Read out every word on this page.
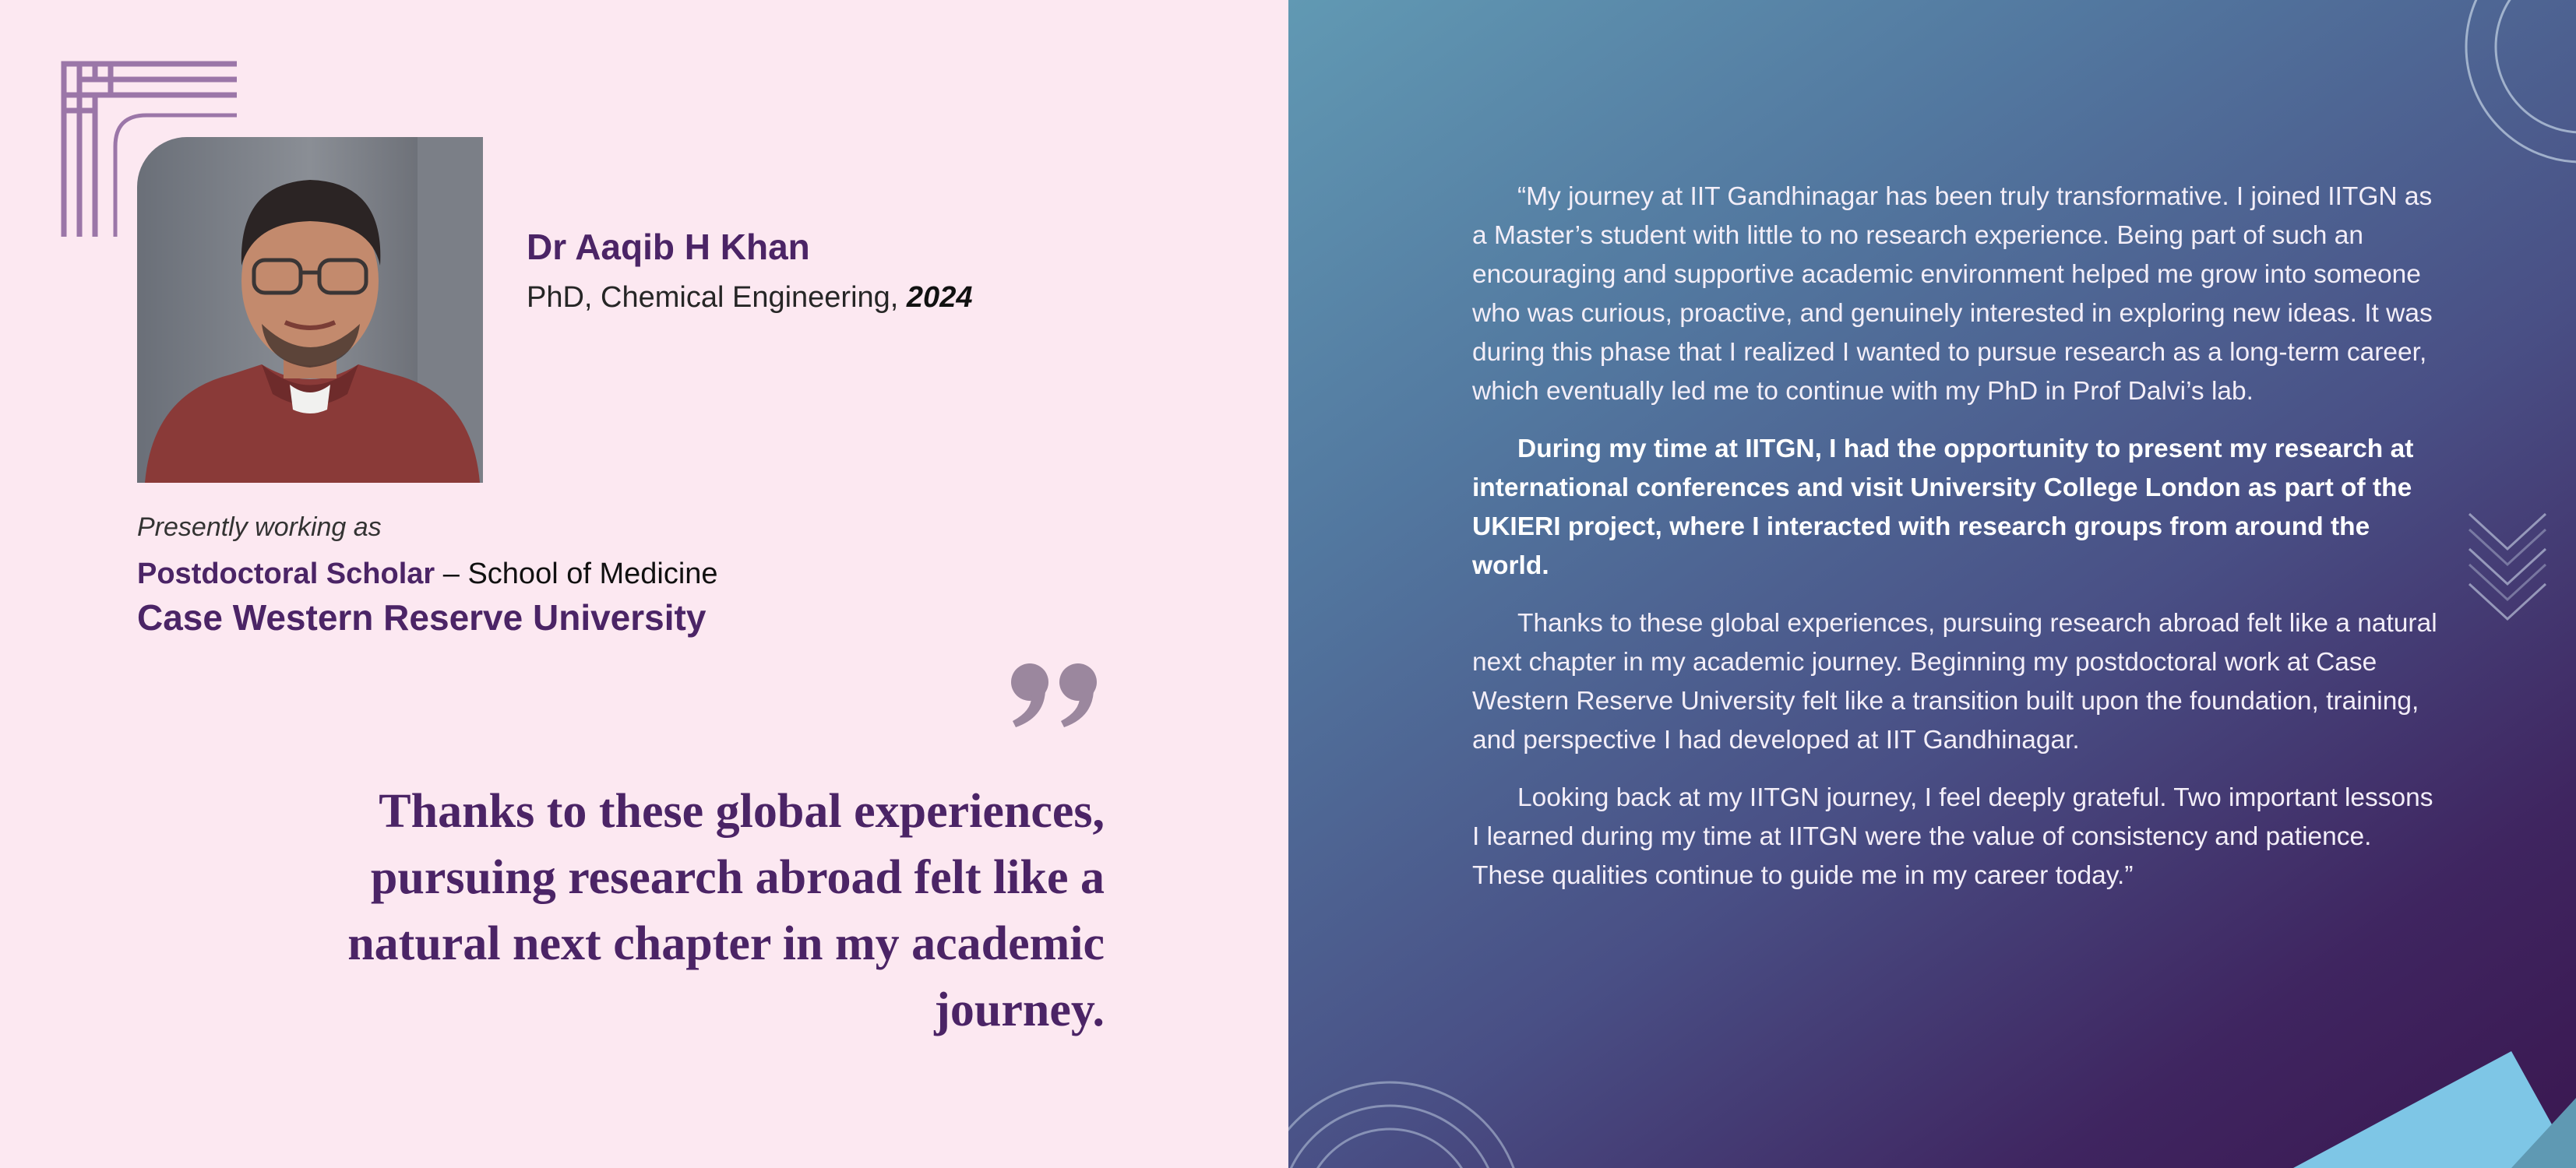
Dr Aaqib H Khan
PhD, Chemical Engineering, 2024
Presently working as
Postdoctoral Scholar – School of Medicine
Case Western Reserve University
Thanks to these global experiences, pursuing research abroad felt like a natural next chapter in my academic journey.

“My journey at IIT Gandhinagar has been truly transformative. I joined IITGN as a Master’s student with little to no research experience. Being part of such an encouraging and supportive academic environment helped me grow into someone who was curious, proactive, and genuinely interested in exploring new ideas. It was during this phase that I realized I wanted to pursue research as a long-term career, which eventually led me to continue with my PhD in Prof Dalvi’s lab.

During my time at IITGN, I had the opportunity to present my research at international conferences and visit University College London as part of the UKIERI project, where I interacted with research groups from around the world.

Thanks to these global experiences, pursuing research abroad felt like a natural next chapter in my academic journey. Beginning my postdoctoral work at Case Western Reserve University felt like a transition built upon the foundation, training, and perspective I had developed at IIT Gandhinagar.

Looking back at my IITGN journey, I feel deeply grateful. Two important lessons I learned during my time at IITGN were the value of consistency and patience. These qualities continue to guide me in my career today.”
